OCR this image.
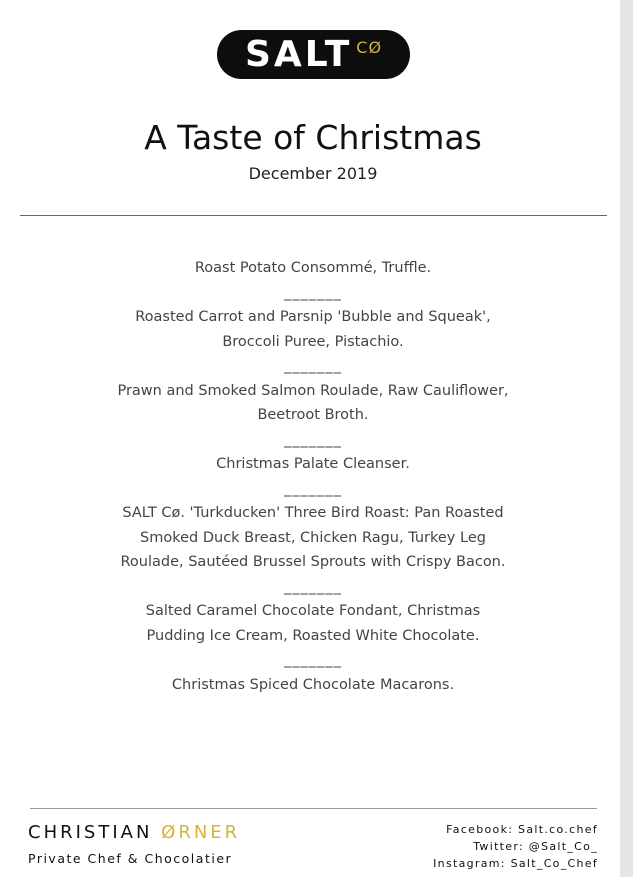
SALT CØ
A Taste of Christmas
December 2019
Roast Potato Consommé, Truffle.
_______
Roasted Carrot and Parsnip 'Bubble and Squeak',
Broccoli Puree, Pistachio.
_______
Prawn and Smoked Salmon Roulade, Raw Cauliflower,
Beetroot Broth.
_______
Christmas Palate Cleanser.
_______
SALT Cø. 'Turkducken' Three Bird Roast: Pan Roasted
Smoked Duck Breast, Chicken Ragu, Turkey Leg
Roulade, Sautéed Brussel Sprouts with Crispy Bacon.
_______
Salted Caramel Chocolate Fondant, Christmas
Pudding Ice Cream, Roasted White Chocolate.
_______
Christmas Spiced Chocolate Macarons.
CHRISTIAN ØRNER
Private Chef & Chocolatier
Facebook: Salt.co.chef
Twitter: @Salt_Co_
Instagram: Salt_Co_Chef
